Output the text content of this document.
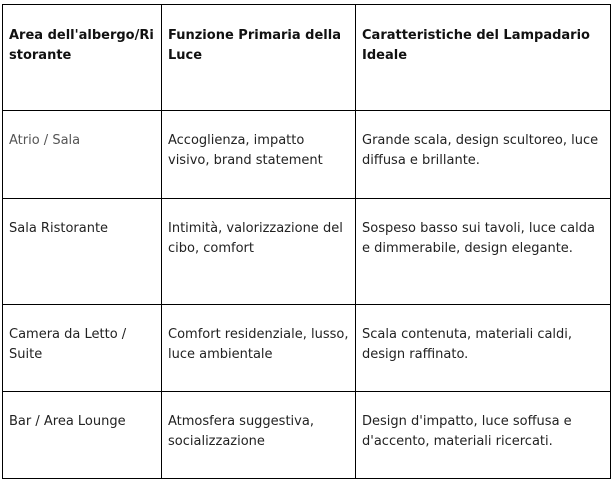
Area dell'albergo/Ristorante	Funzione Primaria della Luce	Caratteristiche del Lampadario Ideale
Atrio / Sala	Accoglienza, impatto visivo, brand statement	Grande scala, design scultoreo, luce diffusa e brillante.
Sala Ristorante	Intimità, valorizzazione del cibo, comfort	Sospeso basso sui tavoli, luce calda e dimmerabile, design elegante.
Camera da Letto / Suite	Comfort residenziale, lusso, luce ambientale	Scala contenuta, materiali caldi, design raffinato.
Bar / Area Lounge	Atmosfera suggestiva, socializzazione	Design d'impatto, luce soffusa e d'accento, materiali ricercati.
